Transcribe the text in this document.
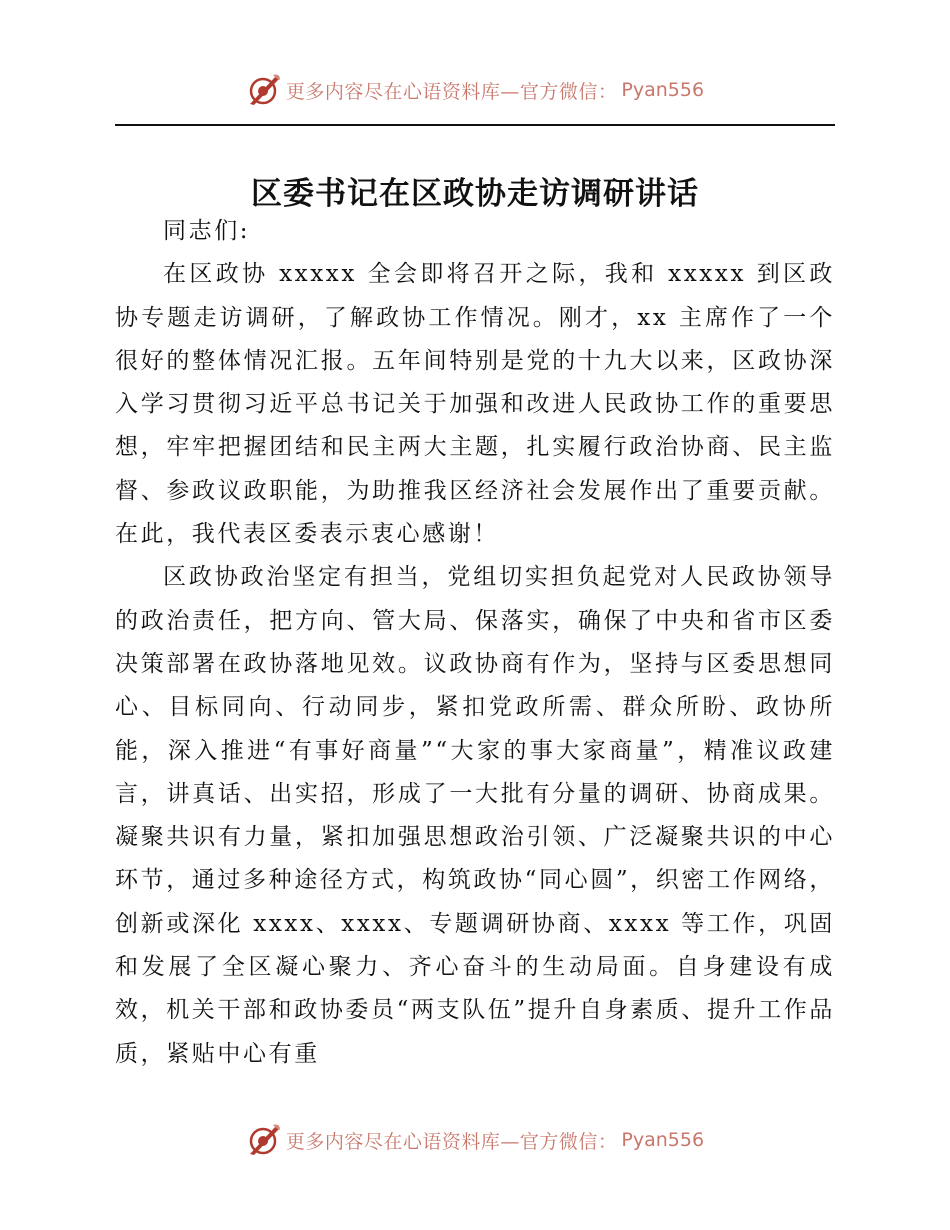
更多内容尽在心语资料库—官方微信： Pyan556
区委书记在区政协走访调研讲话

同志们:

在区政协 xxxxx 全会即将召开之际，我和 xxxxx 到区政协专题走访调研，了解政协工作情况。刚才，xx 主席作了一个很好的整体情况汇报。五年间特别是党的十九大以来，区政协深入学习贯彻习近平总书记关于加强和改进人民政协工作的重要思想，牢牢把握团结和民主两大主题，扎实履行政治协商、民主监督、参政议政职能，为助推我区经济社会发展作出了重要贡献。在此，我代表区委表示衷心感谢！

区政协政治坚定有担当，党组切实担负起党对人民政协领导的政治责任，把方向、管大局、保落实，确保了中央和省市区委决策部署在政协落地见效。议政协商有作为，坚持与区委思想同心、目标同向、行动同步，紧扣党政所需、群众所盼、政协所能，深入推进“有事好商量”“大家的事大家商量”，精准议政建言，讲真话、出实招，形成了一大批有分量的调研、协商成果。凝聚共识有力量，紧扣加强思想政治引领、广泛凝聚共识的中心环节，通过多种途径方式，构筑政协“同心圆”，织密工作网络，创新或深化 xxxx、xxxx、专题调研协商、xxxx 等工作，巩固和发展了全区凝心聚力、齐心奋斗的生动局面。自身建设有成效，机关干部和政协委员“两支队伍”提升自身素质、提升工作品质，紧贴中心有重

更多内容尽在心语资料库—官方微信： Pyan556
